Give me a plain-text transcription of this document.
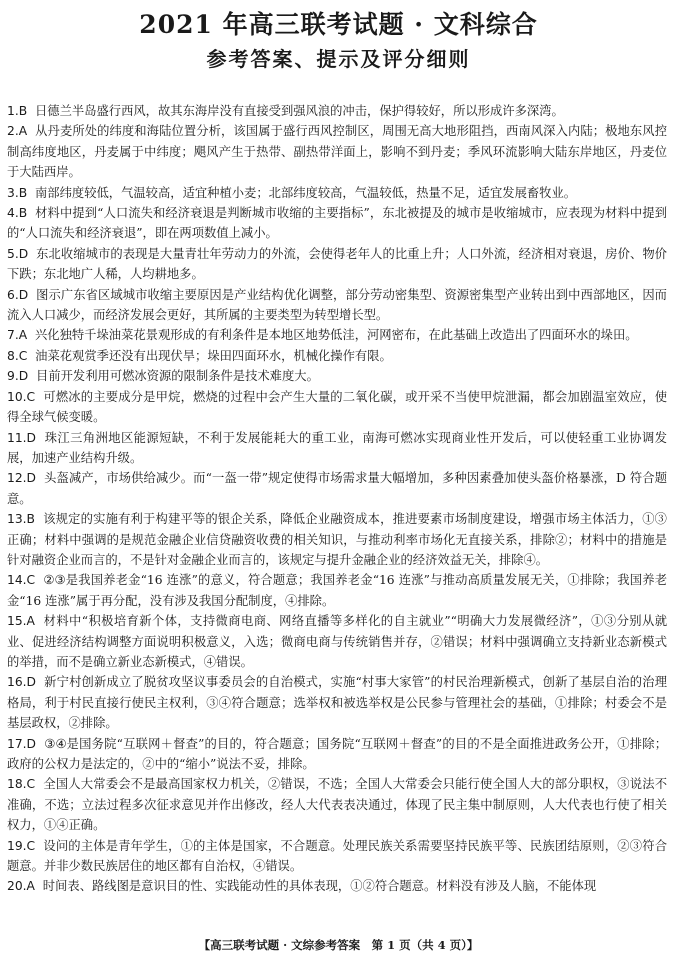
2021 年高三联考试题 · 文科综合
参考答案、提示及评分细则

1.B 日德兰半岛盛行西风，故其东海岸没有直接受到强风浪的冲击，保护得较好，所以形成许多深湾。

2.A 从丹麦所处的纬度和海陆位置分析，该国属于盛行西风控制区，周围无高大地形阻挡，西南风深入内陆；极地东风控制高纬度地区，丹麦属于中纬度；飓风产生于热带、副热带洋面上，影响不到丹麦；季风环流影响大陆东岸地区，丹麦位于大陆西岸。

3.B 南部纬度较低，气温较高，适宜种植小麦；北部纬度较高，气温较低，热量不足，适宜发展畜牧业。

4.B 材料中提到“人口流失和经济衰退是判断城市收缩的主要指标”，东北被提及的城市是收缩城市，应表现为材料中提到的“人口流失和经济衰退”，即在两项数值上减小。

5.D 东北收缩城市的表现是大量青壮年劳动力的外流，会使得老年人的比重上升；人口外流，经济相对衰退，房价、物价下跌；东北地广人稀，人均耕地多。

6.D 图示广东省区域城市收缩主要原因是产业结构优化调整，部分劳动密集型、资源密集型产业转出到中西部地区，因而流入人口减少，而经济发展会更好，其所属的主要类型为转型增长型。

7.A 兴化独特千垛油菜花景观形成的有利条件是本地区地势低洼，河网密布，在此基础上改造出了四面环水的垛田。

8.C 油菜花观赏季还没有出现伏旱；垛田四面环水，机械化操作有限。

9.D 目前开发利用可燃冰资源的限制条件是技术难度大。

10.C 可燃冰的主要成分是甲烷，燃烧的过程中会产生大量的二氧化碳，或开采不当使甲烷泄漏，都会加剧温室效应，使得全球气候变暖。

11.D 珠江三角洲地区能源短缺，不利于发展能耗大的重工业，南海可燃冰实现商业性开发后，可以使轻重工业协调发展，加速产业结构升级。

12.D 头盔减产，市场供给减少。而“一盔一带”规定使得市场需求量大幅增加，多种因素叠加使头盔价格暴涨，D 符合题意。

13.B 该规定的实施有利于构建平等的银企关系，降低企业融资成本，推进要素市场制度建设，增强市场主体活力，①③正确；材料中强调的是规范金融企业信贷融资收费的相关知识，与推动利率市场化无直接关系，排除②；材料中的措施是针对融资企业而言的，不是针对金融企业而言的，该规定与提升金融企业的经济效益无关，排除④。

14.C ②③是我国养老金“16 连涨”的意义，符合题意；我国养老金“16 连涨”与推动高质量发展无关，①排除；我国养老金“16 连涨”属于再分配，没有涉及我国分配制度，④排除。

15.A 材料中“积极培育新个体，支持微商电商、网络直播等多样化的自主就业”“明确大力发展微经济”，①③分别从就业、促进经济结构调整方面说明积极意义，入选；微商电商与传统销售并存，②错误；材料中强调确立支持新业态新模式的举措，而不是确立新业态新模式，④错误。

16.D 新宁村创新成立了脱贫攻坚议事委员会的自治模式，实施“村事大家管”的村民治理新模式，创新了基层自治的治理格局，利于村民直接行使民主权利，③④符合题意；选举权和被选举权是公民参与管理社会的基础，①排除；村委会不是基层政权，②排除。

17.D ③④是国务院“互联网＋督查”的目的，符合题意；国务院“互联网＋督查”的目的不是全面推进政务公开，①排除；政府的公权力是法定的，②中的“缩小”说法不妥，排除。

18.C 全国人大常委会不是最高国家权力机关，②错误，不选；全国人大常委会只能行使全国人大的部分职权，③说法不准确，不选；立法过程多次征求意见并作出修改，经人大代表表决通过，体现了民主集中制原则，人大代表也行使了相关权力，①④正确。

19.C 设问的主体是青年学生，①的主体是国家，不合题意。处理民族关系需要坚持民族平等、民族团结原则，②③符合题意。并非少数民族居住的地区都有自治权，④错误。

20.A 时间表、路线图是意识目的性、实践能动性的具体表现，①②符合题意。材料没有涉及人脑，不能体现

【高三联考试题 · 文综参考答案　第 1 页（共 4 页）】
